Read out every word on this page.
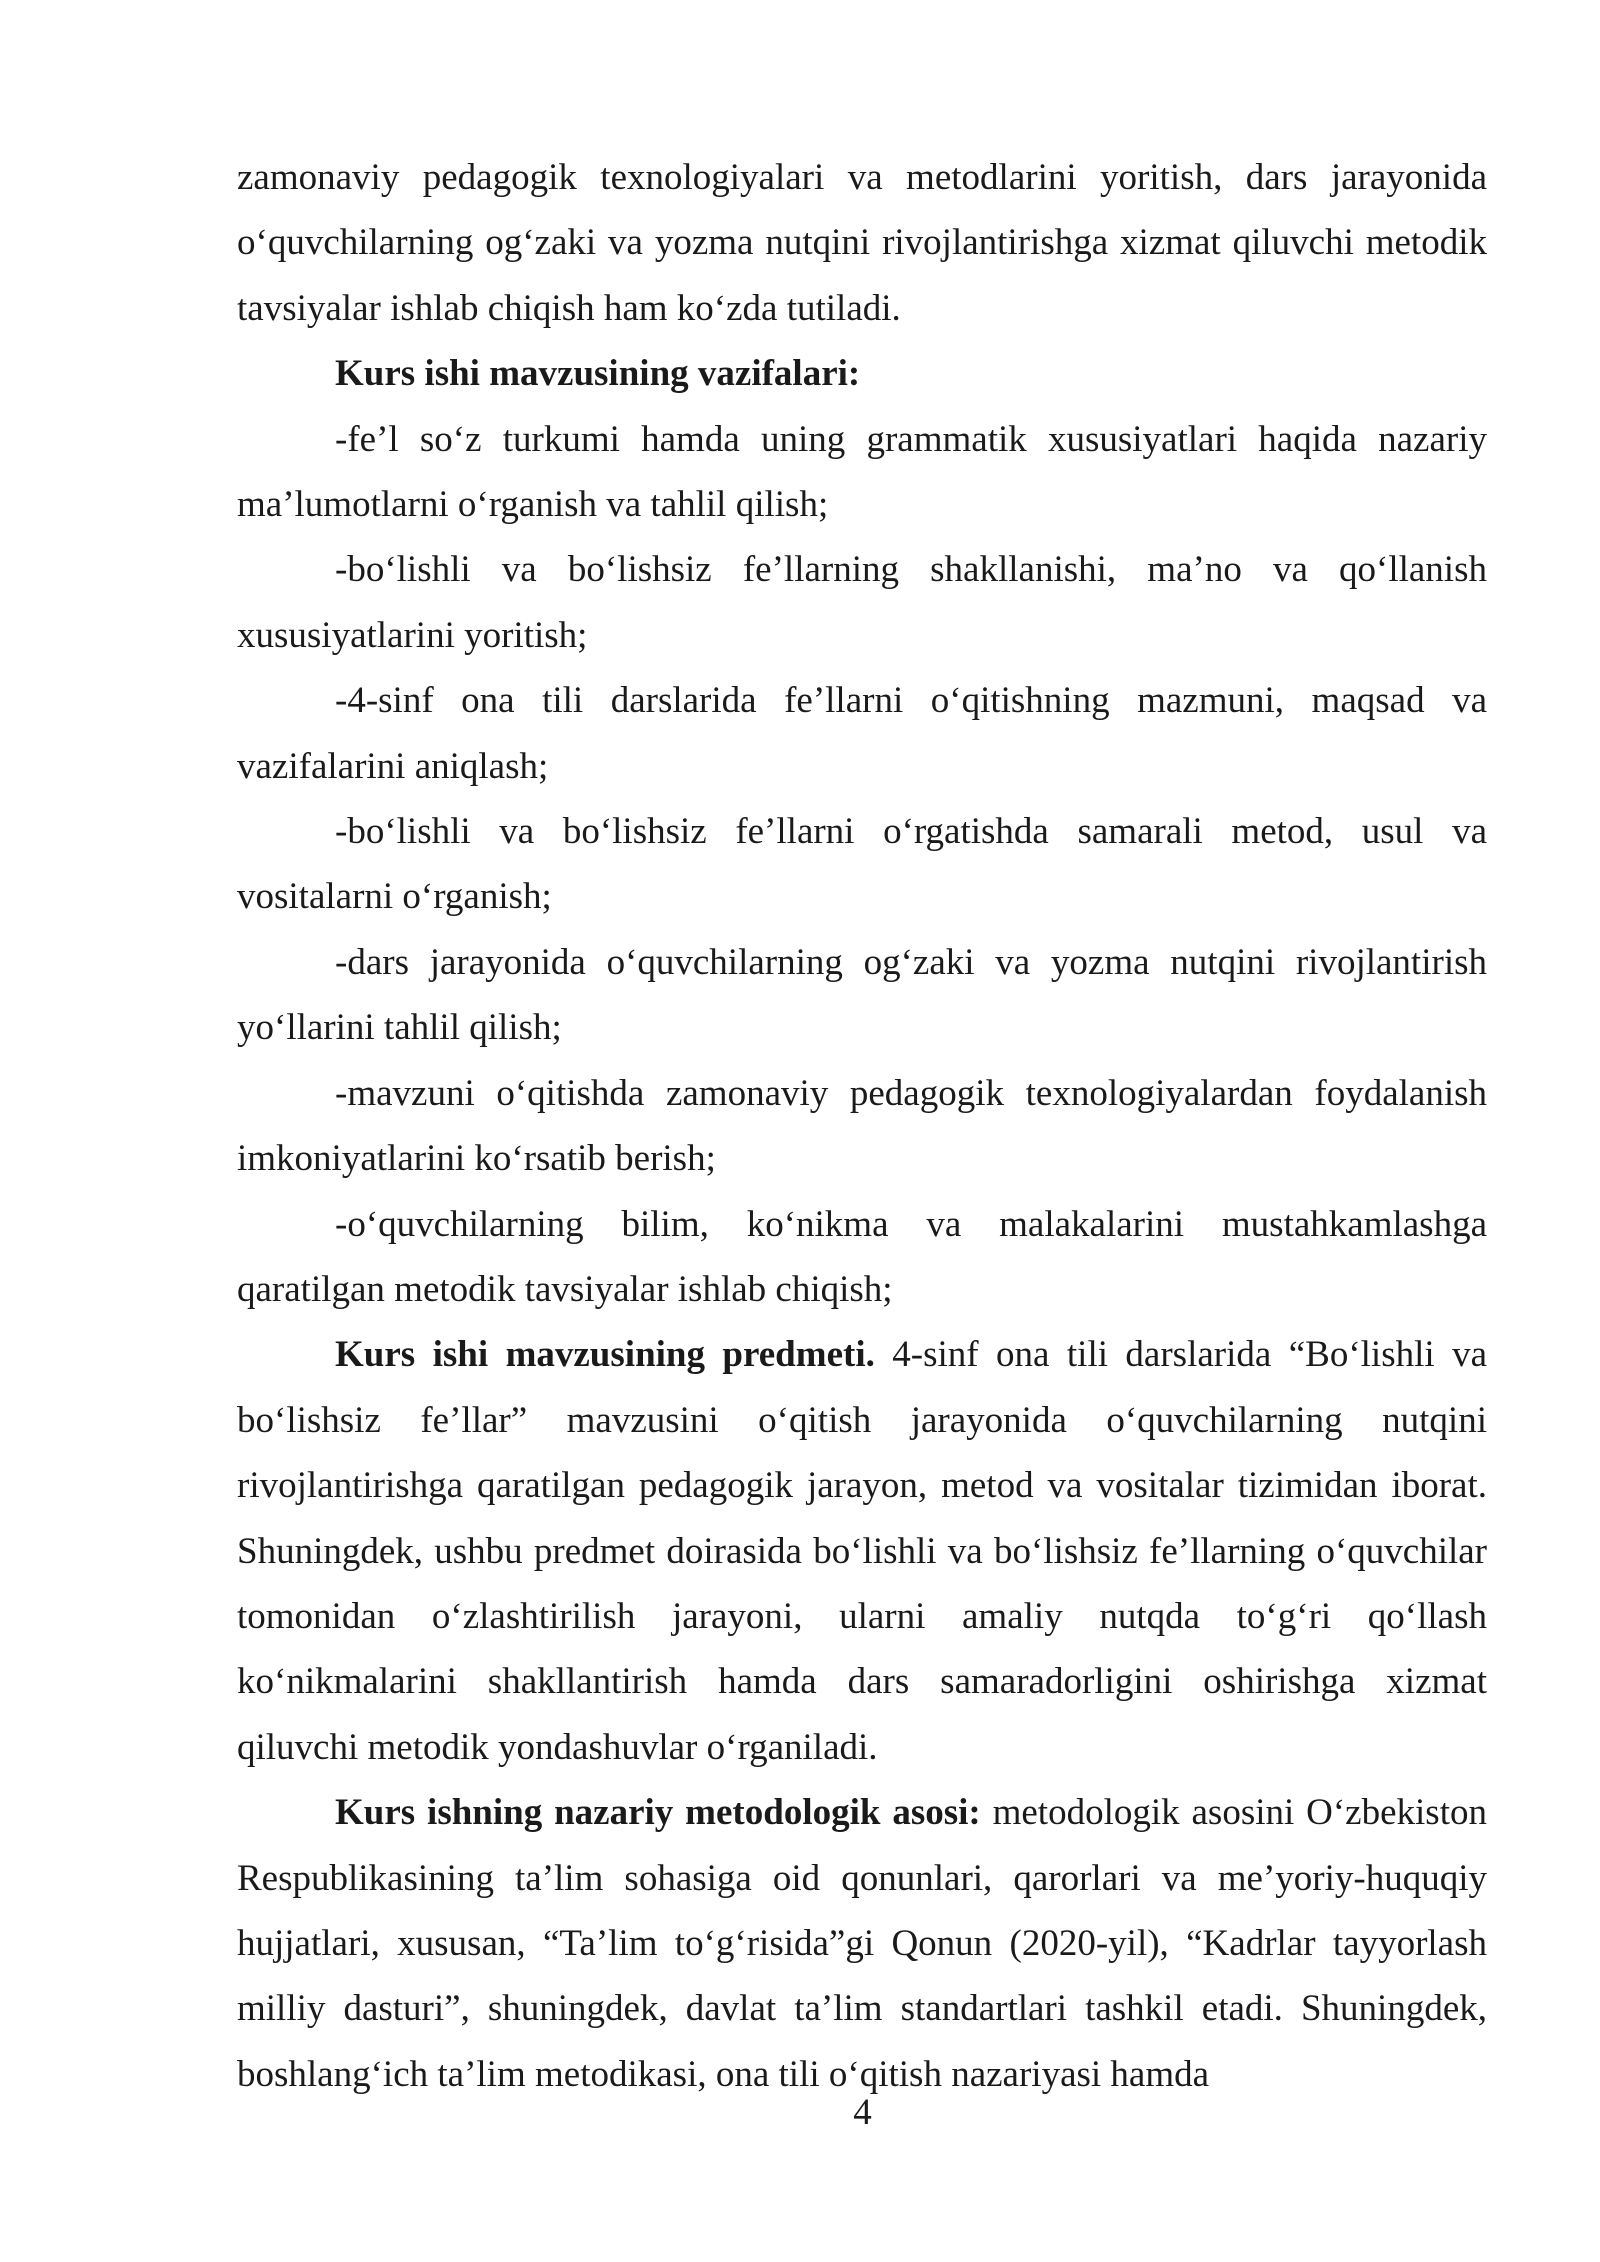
zamonaviy pedagogik texnologiyalari va metodlarini yoritish, dars jarayonida o‘quvchilarning og‘zaki va yozma nutqini rivojlantirishga xizmat qiluvchi metodik tavsiyalar ishlab chiqish ham ko‘zda tutiladi.

Kurs ishi mavzusining vazifalari:

-fe’l so‘z turkumi hamda uning grammatik xususiyatlari haqida nazariy ma’lumotlarni o‘rganish va tahlil qilish;

-bo‘lishli va bo‘lishsiz fe’llarning shakllanishi, ma’no va qo‘llanish xususiyatlarini yoritish;

-4-sinf ona tili darslarida fe’llarni o‘qitishning mazmuni, maqsad va vazifalarini aniqlash;

-bo‘lishli va bo‘lishsiz fe’llarni o‘rgatishda samarali metod, usul va vositalarni o‘rganish;

-dars jarayonida o‘quvchilarning og‘zaki va yozma nutqini rivojlantirish yo‘llarini tahlil qilish;

-mavzuni o‘qitishda zamonaviy pedagogik texnologiyalardan foydalanish imkoniyatlarini ko‘rsatib berish;

-o‘quvchilarning bilim, ko‘nikma va malakalarini mustahkamlashga qaratilgan metodik tavsiyalar ishlab chiqish;

Kurs ishi mavzusining predmeti. 4-sinf ona tili darslarida “Bo‘lishli va bo‘lishsiz fe’llar” mavzusini o‘qitish jarayonida o‘quvchilarning nutqini rivojlantirishga qaratilgan pedagogik jarayon, metod va vositalar tizimidan iborat. Shuningdek, ushbu predmet doirasida bo‘lishli va bo‘lishsiz fe’llarning o‘quvchilar tomonidan o‘zlashtirilish jarayoni, ularni amaliy nutqda to‘g‘ri qo‘llash ko‘nikmalarini shakllantirish hamda dars samaradorligini oshirishga xizmat qiluvchi metodik yondashuvlar o‘rganiladi.

Kurs ishning nazariy metodologik asosi: metodologik asosini O‘zbekiston Respublikasining ta’lim sohasiga oid qonunlari, qarorlari va me’yoriy-huquqiy hujjatlari, xususan, “Ta’lim to‘g‘risida”gi Qonun (2020-yil), “Kadrlar tayyorlash milliy dasturi”, shuningdek, davlat ta’lim standartlari tashkil etadi. Shuningdek, boshlang‘ich ta’lim metodikasi, ona tili o‘qitish nazariyasi hamda

4
